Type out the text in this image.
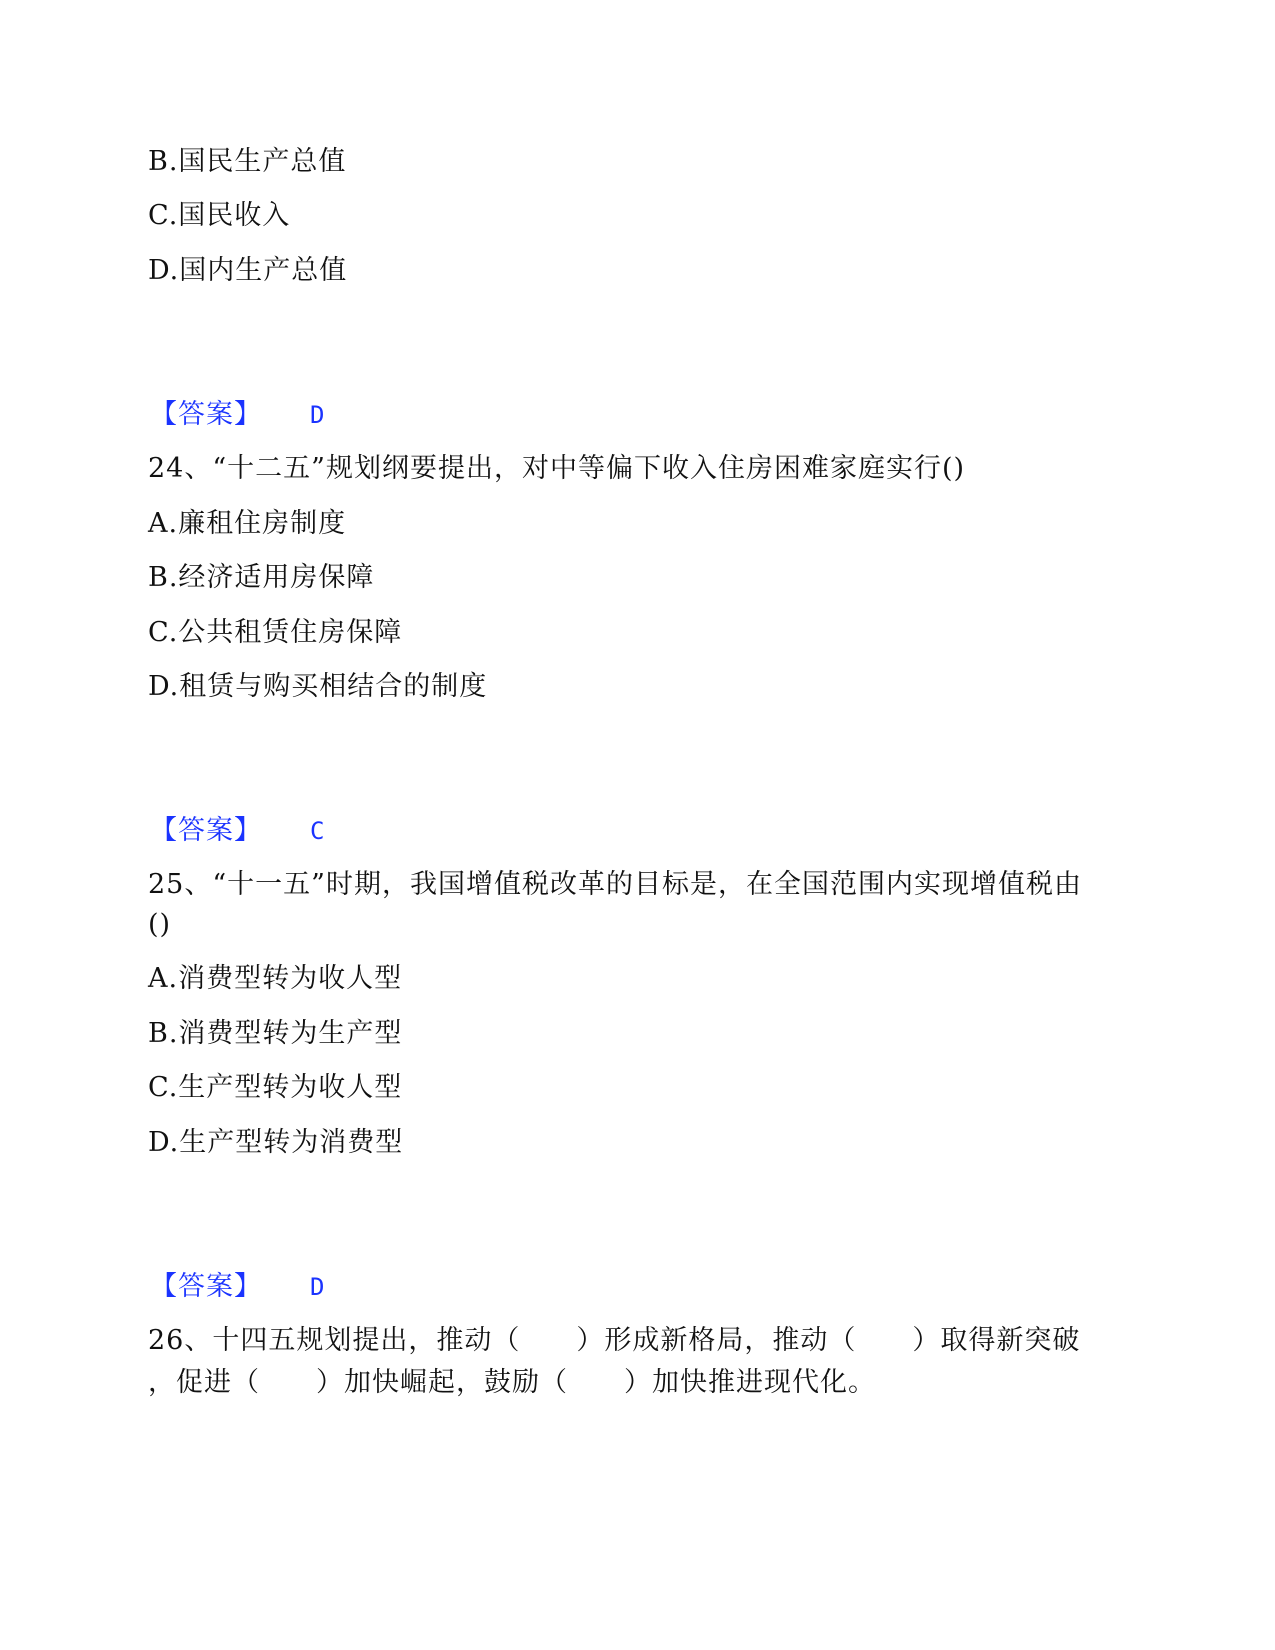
B.国民生产总值
C.国民收入
D.国内生产总值
【答案】 D
24、“十二五”规划纲要提出，对中等偏下收入住房困难家庭实行()
A.廉租住房制度
B.经济适用房保障
C.公共租赁住房保障
D.租赁与购买相结合的制度
【答案】 C
25、“十一五”时期，我国增值税改革的目标是，在全国范围内实现增值税由
()
A.消费型转为收人型
B.消费型转为生产型
C.生产型转为收人型
D.生产型转为消费型
【答案】 D
26、十四五规划提出，推动（　　）形成新格局，推动（　　）取得新突破
，促进（　　）加快崛起，鼓励（　　）加快推进现代化。
